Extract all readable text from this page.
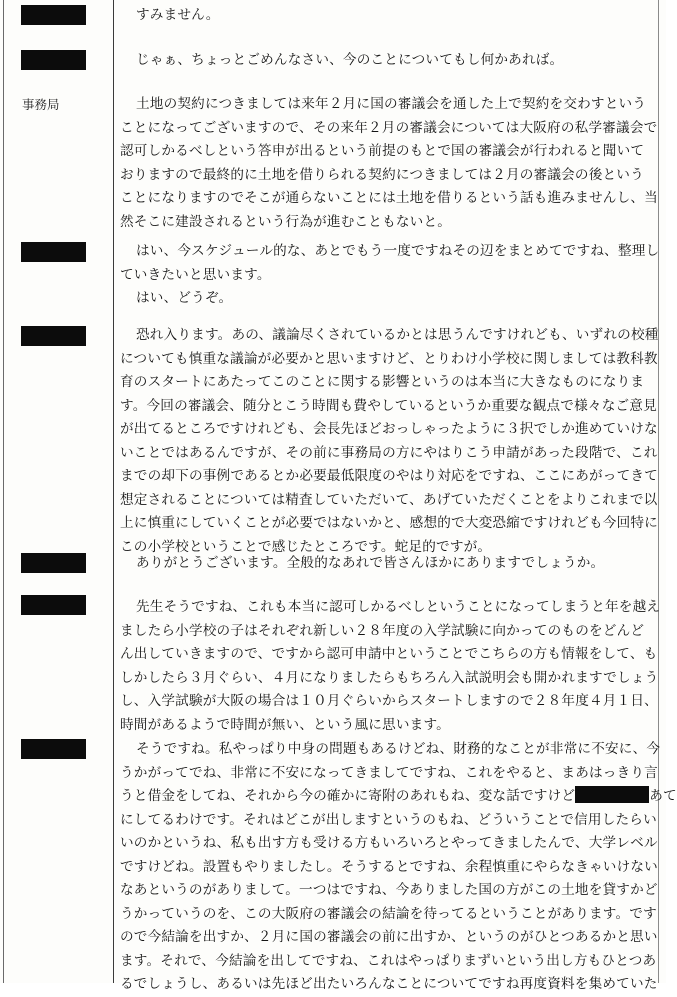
すみません。
じゃぁ、ちょっとごめんなさい、今のことについてもし何かあれば。
事務局	土地の契約につきましては来年２月に国の審議会を通した上で契約を交わすという
ことになってございますので、その来年２月の審議会については大阪府の私学審議会で
認可しかるべしという答申が出るという前提のもとで国の審議会が行われると聞いて
おりますので最終的に土地を借りられる契約につきましては２月の審議会の後という
ことになりますのでそこが通らないことには土地を借りるという話も進みませんし、当
然そこに建設されるという行為が進むこともないと。
はい、今スケジュール的な、あとでもう一度ですねその辺をまとめてですね、整理し
ていきたいと思います。
はい、どうぞ。
恐れ入ります。あの、議論尽くされているかとは思うんですけれども、いずれの校種
についても慎重な議論が必要かと思いますけど、とりわけ小学校に関しましては教科教
育のスタートにあたってこのことに関する影響というのは本当に大きなものになりま
す。今回の審議会、随分とこう時間も費やしているというか重要な観点で様々なご意見
が出てるところですけれども、会長先ほどおっしゃったように３択でしか進めていけな
いことではあるんですが、その前に事務局の方にやはりこう申請があった段階で、これ
までの却下の事例であるとか必要最低限度のやはり対応をですね、ここにあがってきて
想定されることについては精査していただいて、あげていただくことをよりこれまで以
上に慎重にしていくことが必要ではないかと、感想的で大変恐縮ですけれども今回特に
この小学校ということで感じたところです。蛇足的ですが。
ありがとうございます。全般的なあれで皆さんほかにありますでしょうか。
先生そうですね、これも本当に認可しかるべしということになってしまうと年を越え
ましたら小学校の子はそれぞれ新しい２８年度の入学試験に向かってのものをどんど
ん出していきますので、ですから認可申請中ということでこちらの方も情報をして、も
しかしたら３月ぐらい、４月になりましたらもちろん入試説明会も開かれますでしょう
し、入学試験が大阪の場合は１０月ぐらいからスタートしますので２８年度４月１日、
時間があるようで時間が無い、という風に思います。
そうですね。私やっぱり中身の問題もあるけどね、財務的なことが非常に不安に、今
うかがってでね、非常に不安になってきましてですね、これをやると、まあはっきり言
うと借金をしてね、それから今の確かに寄附のあれもね、変な話ですけど	あて
にしてるわけです。それはどこが出しますというのもね、どういうことで信用したらい
いのかというね、私も出す方も受ける方もいろいろとやってきましたんで、大学レベル
ですけどね。設置もやりましたし。そうするとですね、余程慎重にやらなきゃいけない
なあというのがありまして。一つはですね、今ありました国の方がこの土地を貸すかど
うかっていうのを、この大阪府の審議会の結論を待ってるということがあります。です
ので今結論を出すか、２月に国の審議会の前に出すか、というのがひとつあるかと思い
ます。それで、今結論を出してですね、これはやっぱりまずいという出し方もひとつあ
るでしょうし、あるいは先ほど出たいろんなことについてですね再度資料を集めていた
